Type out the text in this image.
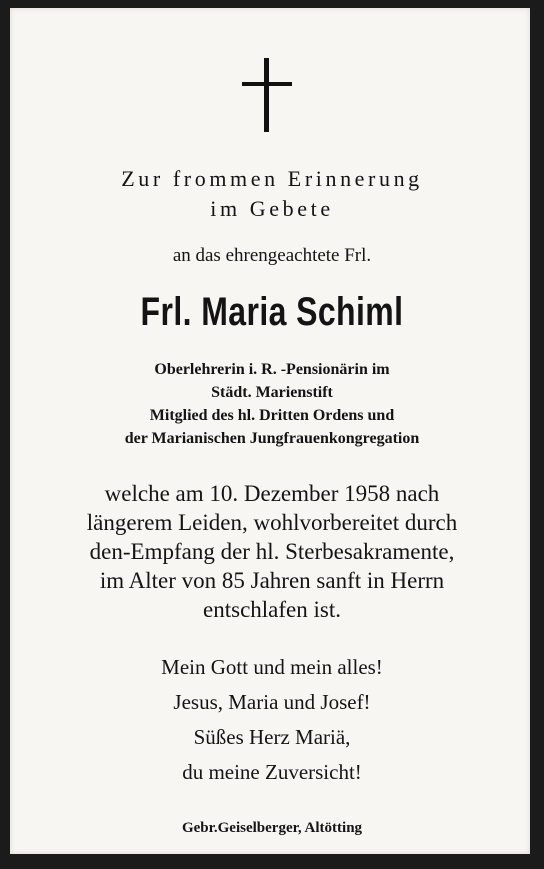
Zur frommen Erinnerung
im Gebete
an das ehrengeachtete Frl.
Frl. Maria Schiml
Oberlehrerin i. R. -Pensionärin im
Städt. Marienstift
Mitglied des hl. Dritten Ordens und
der Marianischen Jungfrauenkongregation
welche am 10. Dezember 1958 nach
längerem Leiden, wohlvorbereitet durch
den-Empfang der hl. Sterbesakramente,
im Alter von 85 Jahren sanft in Herrn
entschlafen ist.
Mein Gott und mein alles!
Jesus, Maria und Josef!
Süßes Herz Mariä,
du meine Zuversicht!
Gebr.Geiselberger, Altötting
